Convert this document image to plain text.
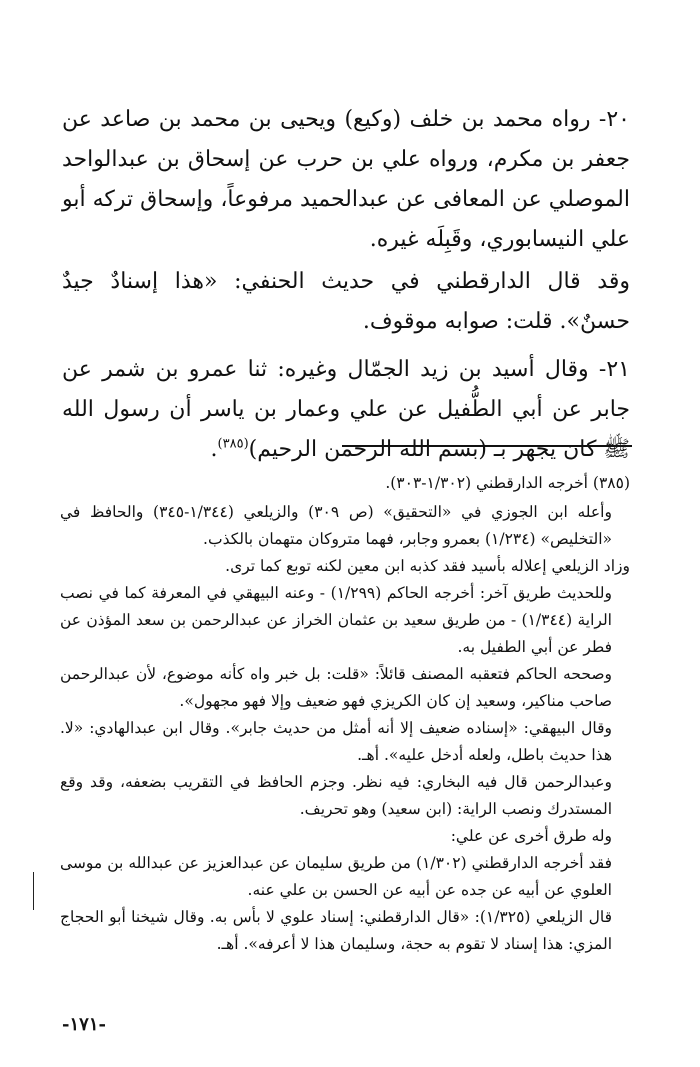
٢٠- رواه محمد بن خلف (وكيع) ويحيى بن محمد بن صاعد عن جعفر بن مكرم، ورواه علي بن حرب عن إسحاق بن عبدالواحد الموصلي عن المعافى عن عبدالحميد مرفوعاً، وإسحاق تركه أبو علي النيسابوري، وقَبِلَه غيره.

وقد قال الدارقطني في حديث الحنفي: «هذا إسنادٌ جيدٌ حسنٌ». قلت: صوابه موقوف.

٢١- وقال أسيد بن زيد الجمّال وغيره: ثنا عمرو بن شمر عن جابر عن أبي الطُّفيل عن علي وعمار بن ياسر أن رسول الله ﷺ كان يجهر بـ (بسم الله الرحمن الرحيم)$^{(٣٨٥)}$.

(٣٨٥) أخرجه الدارقطني (١/٣٠٢-٣٠٣).

وأعله ابن الجوزي في «التحقيق» (ص ٣٠٩) والزيلعي (١/٣٤٤-٣٤٥) والحافظ في «التخليص» (١/٢٣٤) بعمرو وجابر، فهما متروكان متهمان بالكذب.

وزاد الزيلعي إعلاله بأسيد فقد كذبه ابن معين لكنه توبع كما ترى.

وللحديث طريق آخر: أخرجه الحاكم (١/٢٩٩) - وعنه البيهقي في المعرفة كما في نصب الراية (١/٣٤٤) - من طريق سعيد بن عثمان الخراز عن عبدالرحمن بن سعد المؤذن عن فطر عن أبي الطفيل به.

وصححه الحاكم فتعقبه المصنف قائلاً: «قلت: بل خبر واه كأنه موضوع، لأن عبدالرحمن صاحب مناكير، وسعيد إن كان الكريزي فهو ضعيف وإلا فهو مجهول».

وقال البيهقي: «إسناده ضعيف إلا أنه أمثل من حديث جابر». وقال ابن عبدالهادي: «لا. هذا حديث باطل، ولعله أدخل عليه». أهـ.

وعبدالرحمن قال فيه البخاري: فيه نظر. وجزم الحافظ في التقريب بضعفه، وقد وقع المستدرك ونصب الراية: (ابن سعيد) وهو تحريف.

وله طرق أخرى عن علي:

فقد أخرجه الدارقطني (١/٣٠٢) من طريق سليمان عن عبدالعزيز عن عبدالله بن موسى العلوي عن أبيه عن جده عن أبيه عن الحسن بن علي عنه.

قال الزيلعي (١/٣٢٥): «قال الدارقطني: إسناد علوي لا بأس به. وقال شيخنا أبو الحجاج المزي: هذا إسناد لا تقوم به حجة، وسليمان هذا لا أعرفه». أهـ.

-١٧١-
